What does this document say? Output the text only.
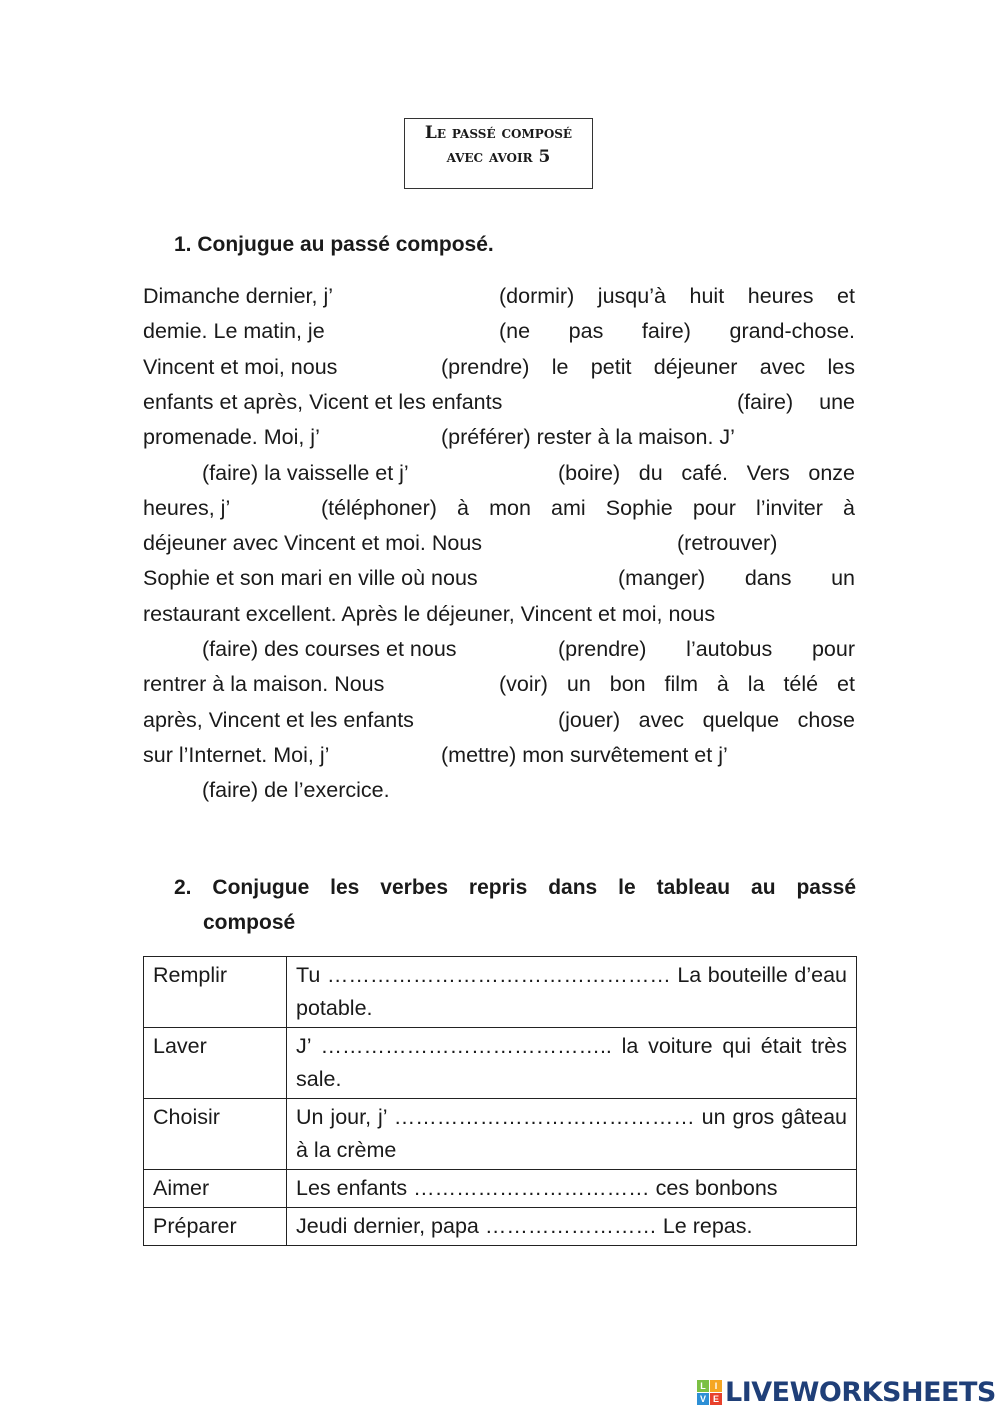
Le passé composé
avec avoir 5
1. Conjugue au passé composé.
Dimanche dernier, j’	(dormir) jusqu’à huit heures et
demie. Le matin, je	(ne pas faire) grand-chose.
Vincent et moi, nous	(prendre) le petit déjeuner avec les
enfants et après, Vicent et les enfants	(faire) une
promenade. Moi, j’	(préférer) rester à la maison. J’
(faire) la vaisselle et j’	(boire) du café. Vers onze
heures, j’	(téléphoner) à mon ami Sophie pour l’inviter à
déjeuner avec Vincent et moi. Nous	(retrouver)
Sophie et son mari en ville où nous	(manger) dans un
restaurant excellent. Après le déjeuner, Vincent et moi, nous
(faire) des courses et nous	(prendre) l’autobus pour
rentrer à la maison. Nous	(voir) un bon film à la télé et
après, Vincent et les enfants	(jouer) avec quelque chose
sur l’Internet. Moi, j’	(mettre) mon survêtement et j’
(faire) de l’exercice.
2. Conjugue les verbes repris dans le tableau au passé
composé
Remplir	Tu ………………………………………… La bouteille d’eau potable.
Laver	J’ ………………………………….. la voiture qui était très sale.
Choisir	Un jour, j’ …………………………………… un gros gâteau à la crème
Aimer	Les enfants …………………………… ces bonbons
Préparer	Jeudi dernier, papa …………………… Le repas.
L I
V E LIVEWORKSHEETS
